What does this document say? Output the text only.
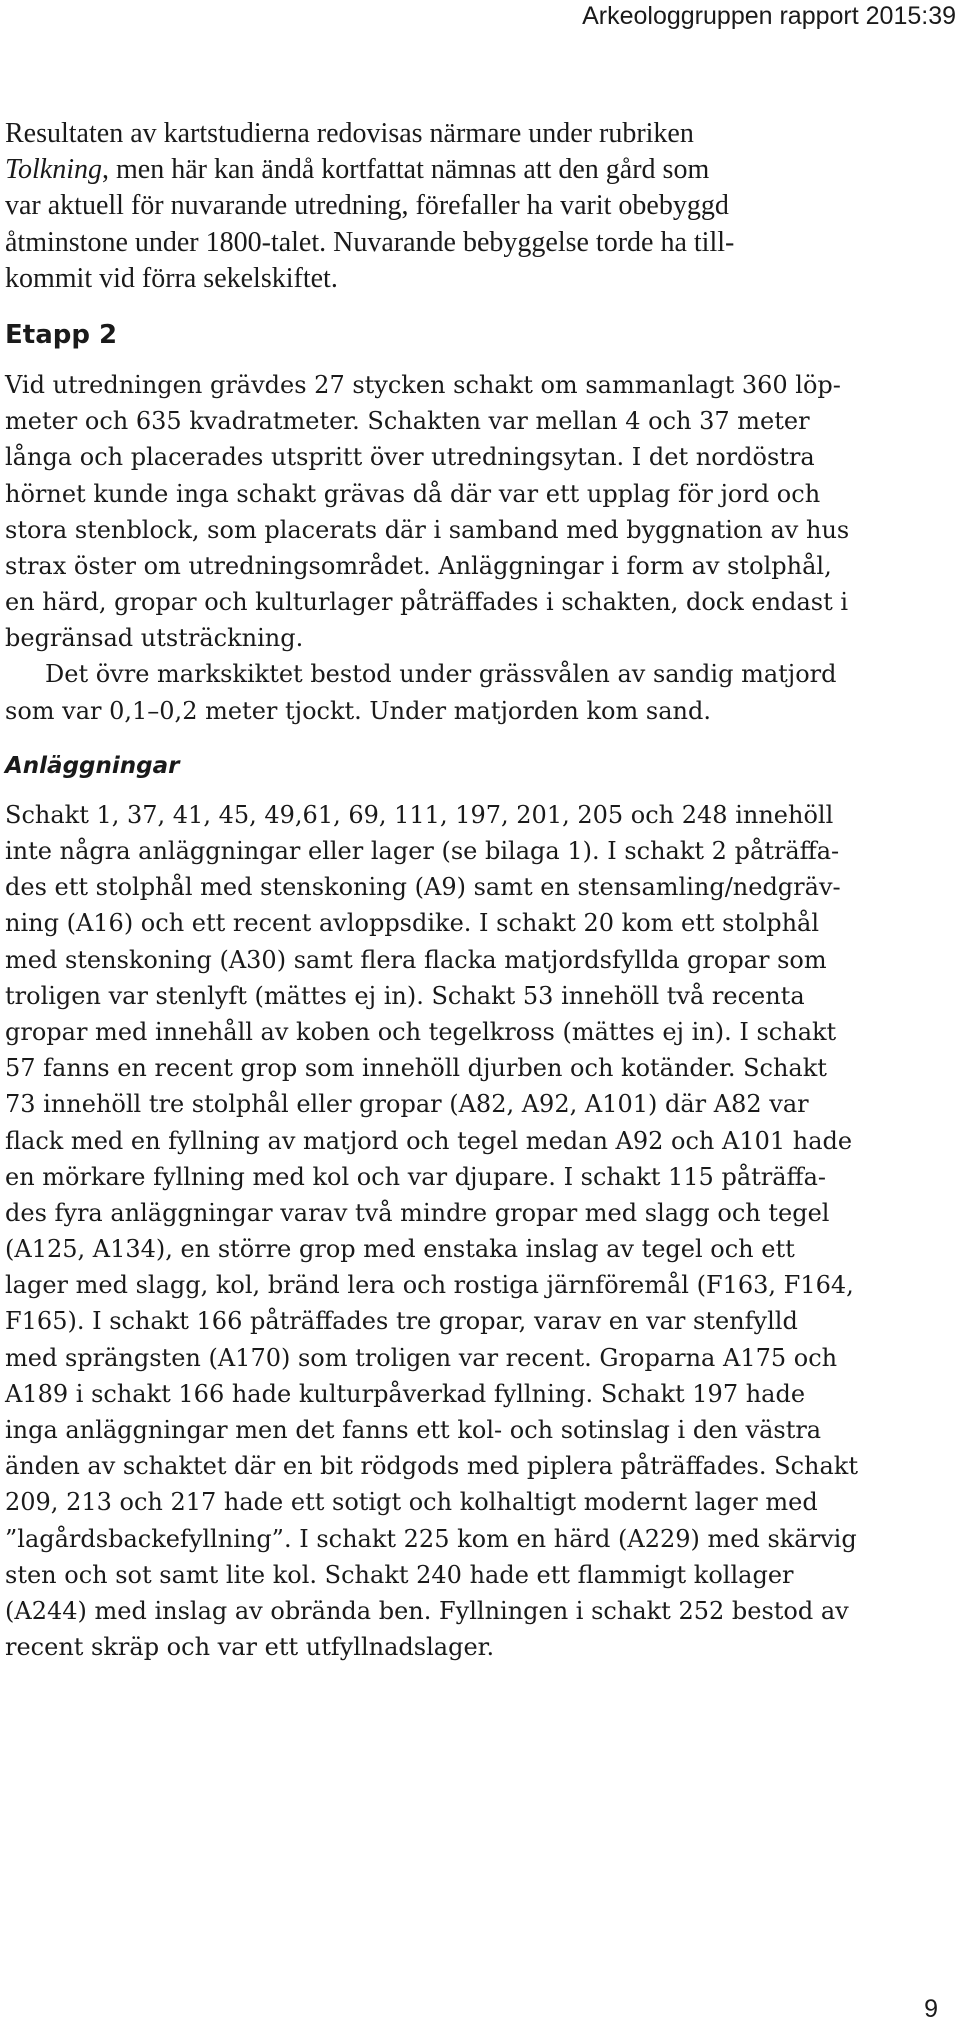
Arkeologgruppen rapport 2015:39
Resultaten av kartstudierna redovisas närmare under rubriken
Tolkning, men här kan ändå kortfattat nämnas att den gård som
var aktuell för nuvarande utredning, förefaller ha varit obebyggd
åtminstone under 1800-talet. Nuvarande bebyggelse torde ha till-
kommit vid förra sekelskiftet.
Etapp 2
Vid utredningen grävdes 27 stycken schakt om sammanlagt 360 löp-
meter och 635 kvadratmeter. Schakten var mellan 4 och 37 meter
långa och placerades utspritt över utredningsytan. I det nordöstra
hörnet kunde inga schakt grävas då där var ett upplag för jord och
stora stenblock, som placerats där i samband med byggnation av hus
strax öster om utredningsområdet. Anläggningar i form av stolphål,
en härd, gropar och kulturlager påträffades i schakten, dock endast i
begränsad utsträckning.
Det övre markskiktet bestod under grässvålen av sandig matjord
som var 0,1–0,2 meter tjockt. Under matjorden kom sand.
Anläggningar
Schakt 1, 37, 41, 45, 49,61, 69, 111, 197, 201, 205 och 248 innehöll
inte några anläggningar eller lager (se bilaga 1). I schakt 2 påträffa-
des ett stolphål med stenskoning (A9) samt en stensamling/nedgräv-
ning (A16) och ett recent avloppsdike. I schakt 20 kom ett stolphål
med stenskoning (A30) samt flera flacka matjordsfyllda gropar som
troligen var stenlyft (mättes ej in). Schakt 53 innehöll två recenta
gropar med innehåll av koben och tegelkross (mättes ej in). I schakt
57 fanns en recent grop som innehöll djurben och kotänder. Schakt
73 innehöll tre stolphål eller gropar (A82, A92, A101) där A82 var
flack med en fyllning av matjord och tegel medan A92 och A101 hade
en mörkare fyllning med kol och var djupare. I schakt 115 påträffa-
des fyra anläggningar varav två mindre gropar med slagg och tegel
(A125, A134), en större grop med enstaka inslag av tegel och ett
lager med slagg, kol, bränd lera och rostiga järnföremål (F163, F164,
F165). I schakt 166 påträffades tre gropar, varav en var stenfylld
med sprängsten (A170) som troligen var recent. Groparna A175 och
A189 i schakt 166 hade kulturpåverkad fyllning. Schakt 197 hade
inga anläggningar men det fanns ett kol- och sotinslag i den västra
änden av schaktet där en bit rödgods med piplera påträffades. Schakt
209, 213 och 217 hade ett sotigt och kolhaltigt modernt lager med
”lagårdsbackefyllning”. I schakt 225 kom en härd (A229) med skärvig
sten och sot samt lite kol. Schakt 240 hade ett flammigt kollager
(A244) med inslag av obrända ben. Fyllningen i schakt 252 bestod av
recent skräp och var ett utfyllnadslager.
9
